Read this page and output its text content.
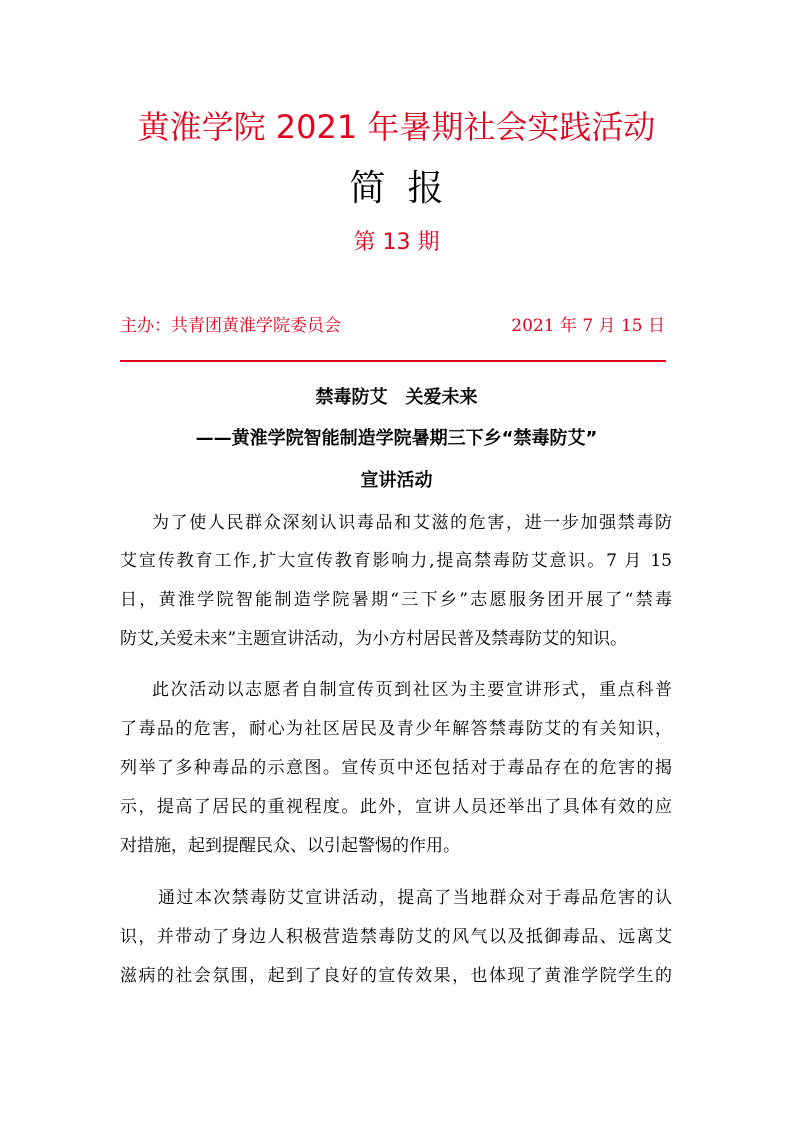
黄淮学院 2021 年暑期社会实践活动
简报
第 13 期
主办：共青团黄淮学院委员会	2021 年 7 月 15 日
禁毒防艾　关爱未来
——黄淮学院智能制造学院暑期三下乡“禁毒防艾”
宣讲活动
为了使人民群众深刻认识毒品和艾滋的危害，进一步加强禁毒防
艾宣传教育工作,扩大宣传教育影响力,提高禁毒防艾意识。7 月 15
日，黄淮学院智能制造学院暑期“三下乡”志愿服务团开展了“禁毒
防艾,关爱未来”主题宣讲活动，为小方村居民普及禁毒防艾的知识。
此次活动以志愿者自制宣传页到社区为主要宣讲形式，重点科普
了毒品的危害，耐心为社区居民及青少年解答禁毒防艾的有关知识，
列举了多种毒品的示意图。宣传页中还包括对于毒品存在的危害的揭
示，提高了居民的重视程度。此外，宣讲人员还举出了具体有效的应
对措施，起到提醒民众、以引起警惕的作用。
通过本次禁毒防艾宣讲活动，提高了当地群众对于毒品危害的认
识，并带动了身边人积极营造禁毒防艾的风气以及抵御毒品、远离艾
滋病的社会氛围，起到了良好的宣传效果，也体现了黄淮学院学生的
